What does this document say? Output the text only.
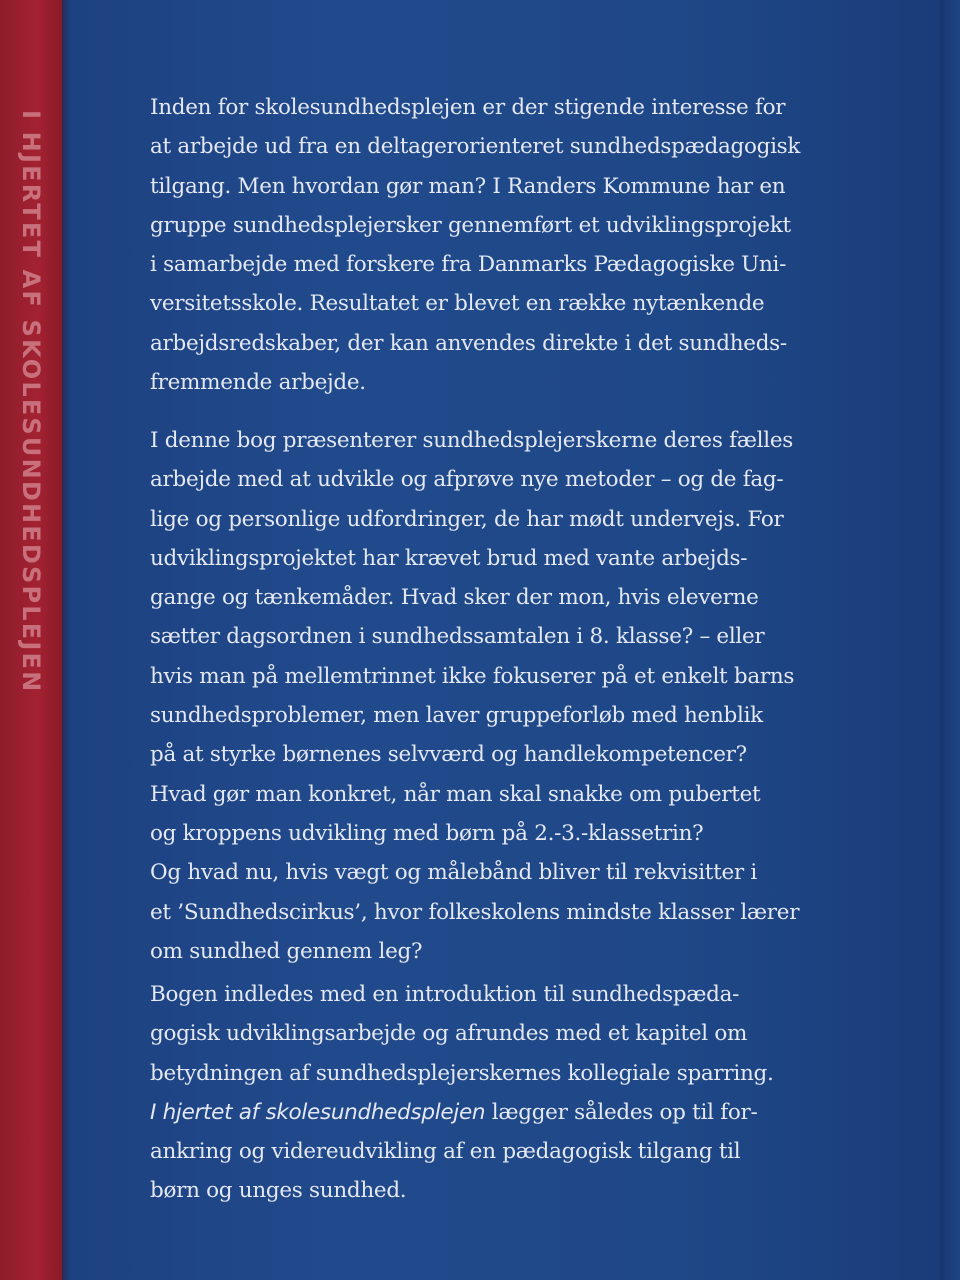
I HJERTET AF SKOLESUNDHEDSPLEJEN
Inden for skolesundhedsplejen er der stigende interesse for
at arbejde ud fra en deltagerorienteret sundhedspædagogisk
tilgang. Men hvordan gør man? I Randers Kommune har en
gruppe sundhedsplejersker gennemført et udviklingsprojekt
i samarbejde med forskere fra Danmarks Pædagogiske Uni-
versitetsskole. Resultatet er blevet en række nytænkende
arbejdsredskaber, der kan anvendes direkte i det sundheds-
fremmende arbejde.
I denne bog præsenterer sundhedsplejerskerne deres fælles
arbejde med at udvikle og afprøve nye metoder – og de fag-
lige og personlige udfordringer, de har mødt undervejs. For
udviklingsprojektet har krævet brud med vante arbejds-
gange og tænkemåder. Hvad sker der mon, hvis eleverne
sætter dagsordnen i sundhedssamtalen i 8. klasse? – eller
hvis man på mellemtrinnet ikke fokuserer på et enkelt barns
sundhedsproblemer, men laver gruppeforløb med henblik
på at styrke børnenes selvværd og handlekompetencer?
Hvad gør man konkret, når man skal snakke om pubertet
og kroppens udvikling med børn på 2.-3.-klassetrin?
Og hvad nu, hvis vægt og målebånd bliver til rekvisitter i
et ’Sundhedscirkus’, hvor folkeskolens mindste klasser lærer
om sundhed gennem leg?
Bogen indledes med en introduktion til sundhedspæda-
gogisk udviklingsarbejde og afrundes med et kapitel om
betydningen af sundhedsplejerskernes kollegiale sparring.
I hjertet af skolesundhedsplejen lægger således op til for-
ankring og videreudvikling af en pædagogisk tilgang til
børn og unges sundhed.
